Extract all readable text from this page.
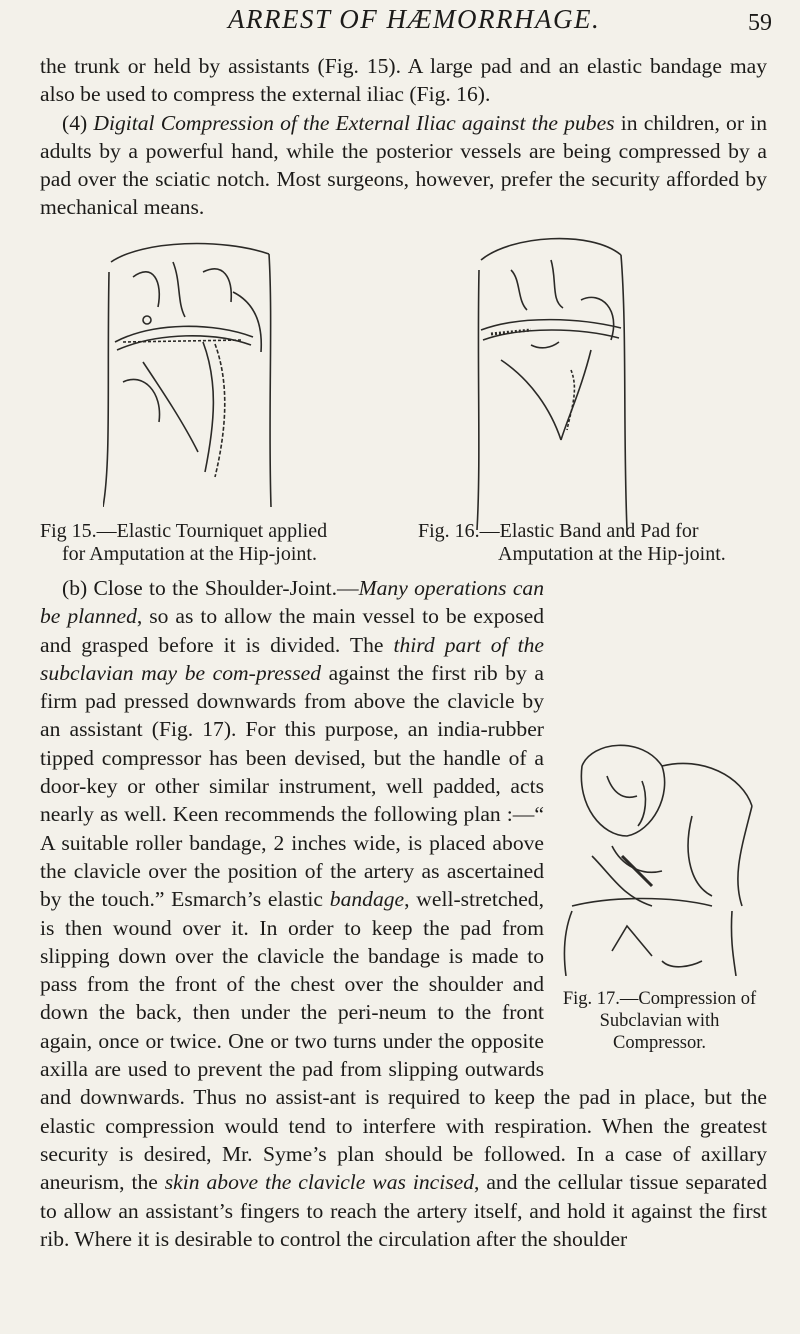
ARREST OF HÆMORRHAGE.	59

the trunk or held by assistants (Fig. 15). A large pad and an elastic bandage may also be used to compress the external iliac (Fig. 16).
(4) Digital Compression of the External Iliac against the pubes in children, or in adults by a powerful hand, while the posterior vessels are being compressed by a pad over the sciatic notch. Most surgeons, however, prefer the security afforded by mechanical means.

Fig 15.—Elastic Tourniquet applied
for Amputation at the Hip-joint.
Fig. 16.—Elastic Band and Pad for
Amputation at the Hip-joint.
Fig. 17.—Compression of Subclavian with Compressor.

(b) Close to the Shoulder-Joint.—Many operations can be planned, so as to allow the main vessel to be exposed and grasped before it is divided. The third part of the subclavian may be com-pressed against the first rib by a firm pad pressed downwards from above the clavicle by an assistant (Fig. 17). For this purpose, an india-rubber tipped compressor has been devised, but the handle of a door-key or other similar instrument, well padded, acts nearly as well. Keen recommends the following plan :—“ A suitable roller bandage, 2 inches wide, is placed above the clavicle over the position of the artery as ascertained by the touch.” Esmarch’s elastic bandage, well-stretched, is then wound over it. In order to keep the pad from slipping down over the clavicle the bandage is made to pass from the front of the chest over the shoulder and down the back, then under the peri-neum to the front again, once or twice. One or two turns under the opposite axilla are used to prevent the pad from slipping outwards and downwards. Thus no assist-ant is required to keep the pad in place, but the elastic compression would tend to interfere with respiration. When the greatest security is desired, Mr. Syme’s plan should be followed. In a case of axillary aneurism, the skin above the clavicle was incised, and the cellular tissue separated to allow an assistant’s fingers to reach the artery itself, and hold it against the first rib. Where it is desirable to control the circulation after the shoulder
